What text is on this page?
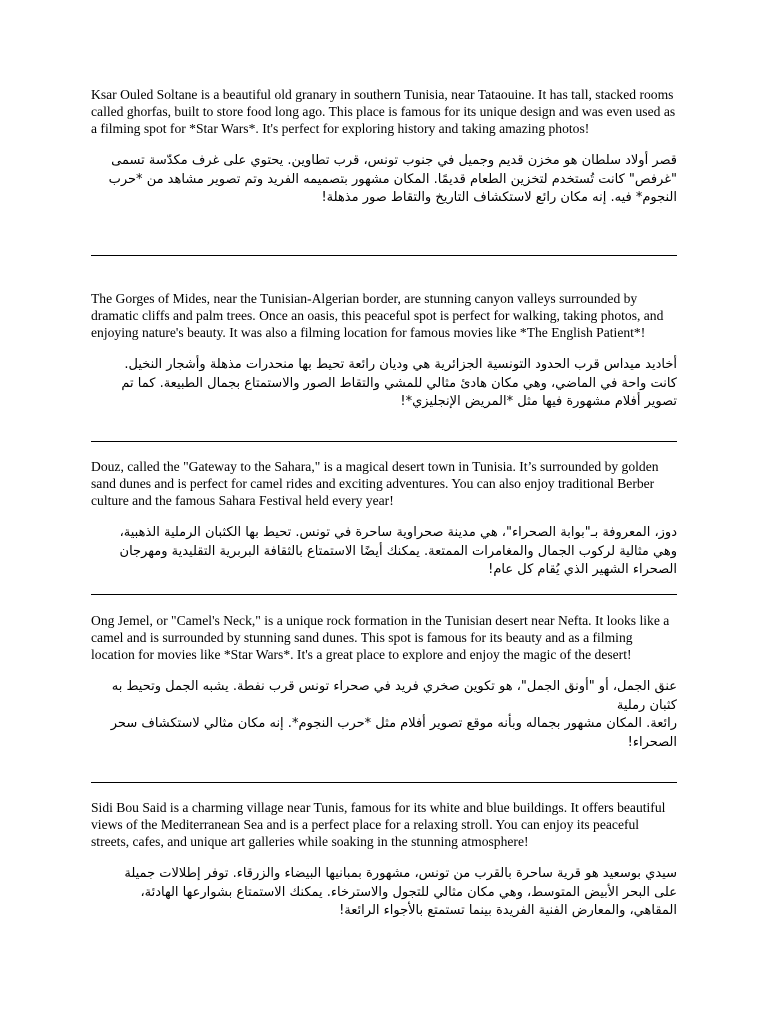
Ksar Ouled Soltane is a beautiful old granary in southern Tunisia, near Tataouine. It has tall, stacked rooms called ghorfas, built to store food long ago. This place is famous for its unique design and was even used as a filming spot for *Star Wars*. It's perfect for exploring history and taking amazing photos!

قصر أولاد سلطان هو مخزن قديم وجميل في جنوب تونس، قرب تطاوين. يحتوي على غرف مكدّسة تسمى "غرفص" كانت تُستخدم لتخزين الطعام قديمًا. المكان مشهور بتصميمه الفريد وتم تصوير مشاهد من *حرب النجوم* فيه. إنه مكان رائع لاستكشاف التاريخ والتقاط صور مذهلة!

The Gorges of Mides, near the Tunisian-Algerian border, are stunning canyon valleys surrounded by dramatic cliffs and palm trees. Once an oasis, this peaceful spot is perfect for walking, taking photos, and enjoying nature's beauty. It was also a filming location for famous movies like *The English Patient*!

أخاديد ميداس قرب الحدود التونسية الجزائرية هي وديان رائعة تحيط بها منحدرات مذهلة وأشجار النخيل. كانت واحة في الماضي، وهي مكان هادئ مثالي للمشي والتقاط الصور والاستمتاع بجمال الطبيعة. كما تم تصوير أفلام مشهورة فيها مثل *المريض الإنجليزي*!

Douz, called the "Gateway to the Sahara," is a magical desert town in Tunisia. It’s surrounded by golden sand dunes and is perfect for camel rides and exciting adventures. You can also enjoy traditional Berber culture and the famous Sahara Festival held every year!

دوز، المعروفة بـ"بوابة الصحراء"، هي مدينة صحراوية ساحرة في تونس. تحيط بها الكثبان الرملية الذهبية، وهي مثالية لركوب الجمال والمغامرات الممتعة. يمكنك أيضًا الاستمتاع بالثقافة البربرية التقليدية ومهرجان الصحراء الشهير الذي يُقام كل عام!

Ong Jemel, or "Camel's Neck," is a unique rock formation in the Tunisian desert near Nefta. It looks like a camel and is surrounded by stunning sand dunes. This spot is famous for its beauty and as a filming location for movies like *Star Wars*. It's a great place to explore and enjoy the magic of the desert!

عنق الجمل، أو "أونق الجمل"، هو تكوين صخري فريد في صحراء تونس قرب نفطة. يشبه الجمل وتحيط به كثبان رملية
رائعة. المكان مشهور بجماله وبأنه موقع تصوير أفلام مثل *حرب النجوم*. إنه مكان مثالي لاستكشاف سحر الصحراء!

Sidi Bou Said is a charming village near Tunis, famous for its white and blue buildings. It offers beautiful views of the Mediterranean Sea and is a perfect place for a relaxing stroll. You can enjoy its peaceful streets, cafes, and unique art galleries while soaking in the stunning atmosphere!

سيدي بوسعيد هو قرية ساحرة بالقرب من تونس، مشهورة بمبانيها البيضاء والزرقاء. توفر إطلالات جميلة على البحر الأبيض المتوسط، وهي مكان مثالي للتجول والاسترخاء. يمكنك الاستمتاع بشوارعها الهادئة، المقاهي، والمعارض الفنية الفريدة بينما تستمتع بالأجواء الرائعة!
